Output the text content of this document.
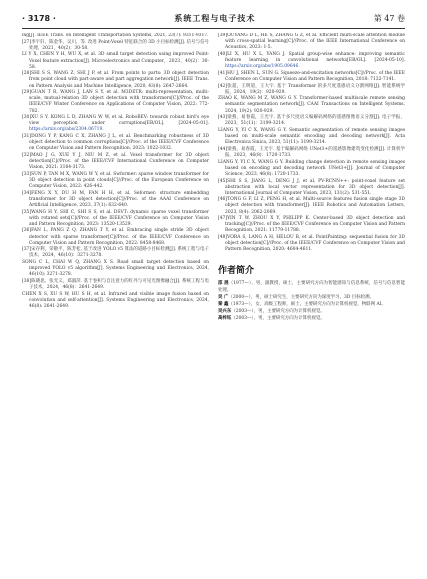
· 3178 ·	系统工程与电子技术	第 47 卷
ing[J]. IEEE Trans. on Intelligent Transportation Systems, 2021, 23(7): 9311-9317.
[27]李宇轩，陈金华，吴川，等. 改进 Point-Voxel 特征联合的 3D 小目标检测[J]. 信号与信号处理，2021，40(2)：30-58.
LI Y X, CHEN Y H, WU X, et al. 3D small target detection using improved Point-Voxel feature extraction[J]. Microelectronics and Computer，2023，40(2)：30-58.
[28]SHI S S, WANG Z, SHI J P, et al. From points to parts: 3D object detection from point cloud with part-aware and part aggregation network[J]. IEEE Trans. on Pattern Analysis and Machine Intelligence, 2020, 43(8): 2647-2664.
[29]GUAN T R, WANG J, LAN S Y, et al. M3DETR: multi-representation, multi-scale, mutual-relation 3D object detection with transformers[C]//Proc. of the IEEE/CVF Winter Conference on Applications of Computer Vision, 2022: 772-782.
[30]XU S Y, KONG L D, ZHANG W W, et al. RoboBEV: towards robust bird's eye view perception under corruptions[EB/OL]. [2024-05-01]. https://arxiv.org/abs/2304.06719.
[31]DONG Y P, KANG C X, ZHANG J L, et al. Benchmarking robustness of 3D object detection to common corruptions[C]//Proc. of the IEEE/CVF Conference on Computer Vision and Pattern Recognition, 2023: 1022-1032.
[32]MAO J G, XUE Y J, NIU M Z, et al. Voxel transformer for 3D object detection[C]//Proc. of the IEEE/CVF International Conference on Computer Vision, 2021: 3164-3173.
[33]SUN P, TAN M X, WANG W Y, et al. Swformer: sparse window transformer for 3D object detection in point clouds[C]//Proc. of the European Conference on Computer Vision, 2022: 426-442.
[34]FENG X Y, DU H M, FAN H H, et al. Seformer: structure embedding transformer for 3D object detection[C]//Proc. of the AAAI Conference on Artificial Intelligence, 2023, 37(1): 632-640.
[35]WANG H Y, SHI C, SHI S S, et al. DSVT: dynamic sparse voxel transformer with rotated sets[C]//Proc. of the IEEE/CVF Conference on Computer Vision and Pattern Recognition, 2023: 13520-13529.
[36]FAN L, PANG Z Q, ZHANG T Y, et al. Embracing single stride 3D object detector with sparse transformer[C]//Proc. of the IEEE/CVF Conference on Computer Vision and Pattern Recognition, 2022: 8458-8468.
[37]宋存利，荣敬平，陈芳松. 基于改进 YOLO v5 算法的道路小目标检测[J]. 系统工程与电子技术，2024，46(10)：3271-3278.
SONG C L, CHAI W Q, ZHANG X S. Road small target detection based on improved YOLO v5 algorithm[J]. Systems Engineering and Electronics, 2024, 46(10): 3271-3278.
[38]陈晓思，张光义，郑淑萍. 基于卷积与自注意力的红外与可见光图像融合[J]. 系统工程与电子技术，2024，46(8)：2641-2649.
CHEN X S, XU S W, HU S H, et al. Infrared and visible image fusion based on convolution and self-attention[J]. Systems Engineering and Electronics, 2024, 46(8): 2641-2649.
[39]OUYANG D L, HE S, ZHANG G Z, et al. Efficient multi-scale attention module with cross-spatial learning[C]//Proc. of the IEEE International Conference on Acoustics, 2023: 1-5.
[40]LI X, HU X L, YANG J. Spatial group-wise enhance: improving semantic feature learning in convolutional networks[EB/OL]. [2024-05-10]. https://arxiv.org/abs/1905.09646.
[41]HU J, SHEN L, SUN G. Squeeze-and-excitation networks[C]//Proc. of the IEEE Conference on Computer Vision and Pattern Recognition, 2018: 7132-7141.
[42]张超，王明道，王大宇. 基于 Transformer 的多尺度遥感语义分割网络[J]. 智能系统学报，2024，19(2)：920-929.
ZHAO K, WANG M Z, WANG G Y. Transformer-based multiscale remote sensing semantic segmentation network[J]. CAAI Transactions on Intelligent Systems, 2024, 19(2): 920-929.
[43]梁燕，易春霞，王光宇. 基于多尺度语义编解码网络的遥感图像语义分割[J]. 电子学报，2023，51(11)：3199-3214.
LIANG Y, YI C X, WANG G Y. Semantic segmentation of remote sensing images based on multi-scale semantic encoding and decoding network[J]. Acta Electronica Sinica, 2023, 51(11): 3199-3214.
[44]梁燕，易春霞，王光宇. 基于编解码网络 UNet3+的遥感影像建筑变化检测[J]. 计算机学报，2023，46(8)：1720-1733.
LIANG Y, YI C X, WANG G Y. Building change detection in remote sensing images based on encoding and decoding network UNet3+[J]. Journal of Computer Science, 2023, 46(8): 1720-1733.
[45]SHI S S, JIANG L, DENG J J, et al. PV-RCNN++: point-voxel feature set abstraction with local vector representation for 3D object detection[J]. International Journal of Computer Vision, 2023, 131(2): 531-551.
[46]TONG G F, LI Z, PENG H, et al. Multi-source features fusion single stage 3D object detection with transformer[J]. IEEE Robotics and Automation Letters, 2023, 8(4): 2062-2069.
[47]YIN T W, ZHOU X Y, PHILIPP K. Center-based 3D object detection and tracking[C]//Proc. of the IEEE/CVF Conference on Computer Vision and Pattern Recognition, 2021: 11779-11788.
[48]VORA S, LANG A H, HELOU B, et al. PointPainting: sequential fusion for 3D object detection[C]//Proc. of the IEEE/CVF Conference on Computer Vision and Pattern Recognition, 2020: 4604-4611.
作者简介

邵 展（1977—），男，副教授，硕士，主要研究方向为智能感知与信息系统，信号与信息智能处理。

吴 广（2000—），男，硕士研究生，主要研究方向为深度学习，3D 目标检测。

秦 鑫（1973—），女，高级工程师，硕士，主要研究方向为计算机视觉、物联网 AI。

吴兴东（2003—），男，主要研究方向为计算机视觉。

高梓钰（2003—），男，主要研究方向为计算机视觉。
